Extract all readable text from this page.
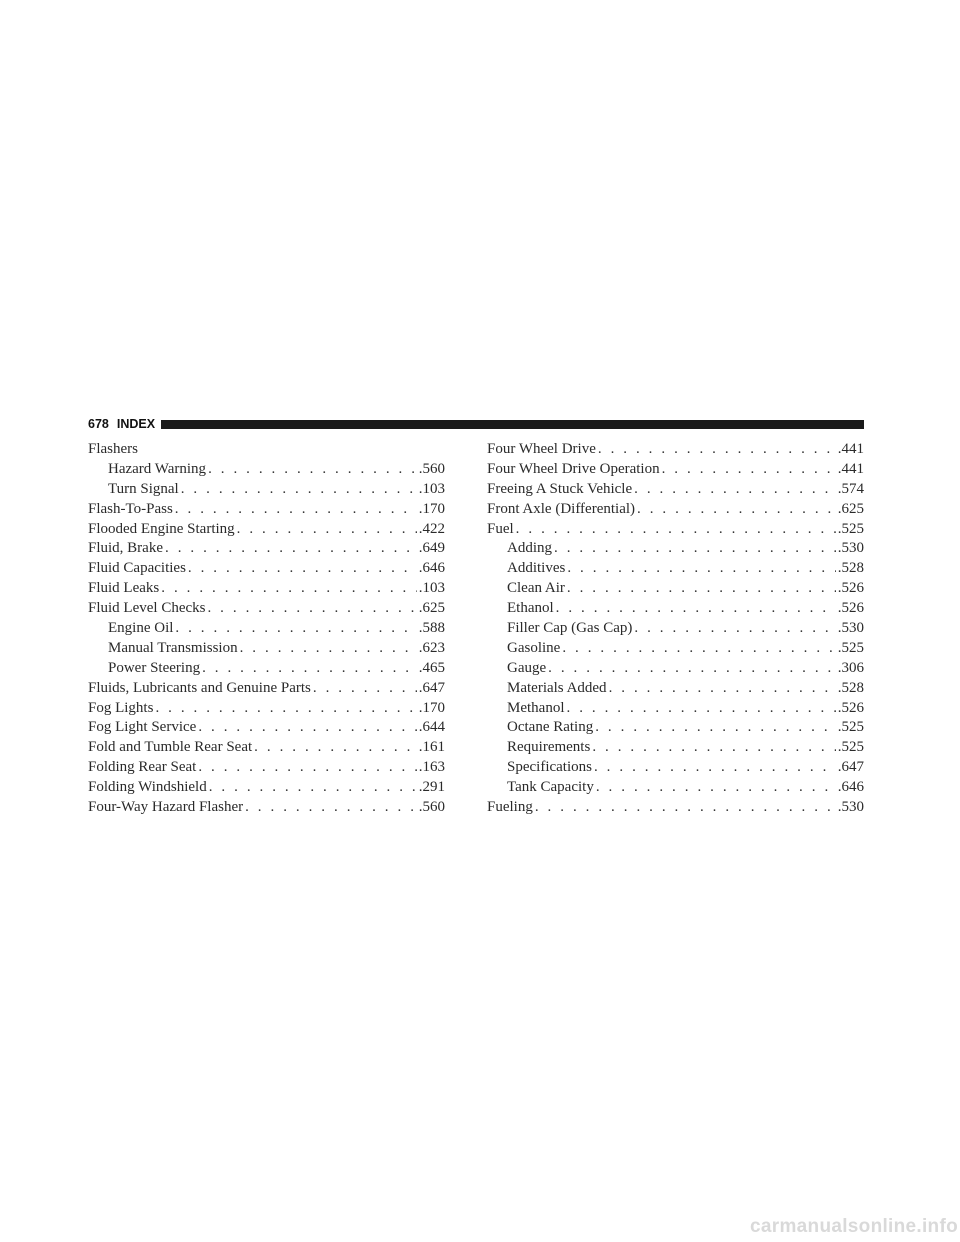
678 INDEX
Flashers
Hazard Warning . . .	.560
Turn Signal . . .	.103
Flash-To-Pass . . .	.170
Flooded Engine Starting . . .	.422
Fluid, Brake . . .	.649
Fluid Capacities . . .	.646
Fluid Leaks . . .	.103
Fluid Level Checks . . .	.625
Engine Oil . . .	.588
Manual Transmission . . .	.623
Power Steering . . .	.465
Fluids, Lubricants and Genuine Parts . . .	.647
Fog Lights . . .	.170
Fog Light Service . . .	.644
Fold and Tumble Rear Seat . . .	.161
Folding Rear Seat . . .	.163
Folding Windshield . . .	.291
Four-Way Hazard Flasher . . .	.560
Four Wheel Drive . . .	.441
Four Wheel Drive Operation . . .	.441
Freeing A Stuck Vehicle . . .	.574
Front Axle (Differential) . . .	.625
Fuel . . .	.525
Adding . . .	.530
Additives . . .	.528
Clean Air . . .	.526
Ethanol . . .	.526
Filler Cap (Gas Cap) . . .	.530
Gasoline . . .	.525
Gauge . . .	.306
Materials Added . . .	.528
Methanol . . .	.526
Octane Rating . . .	.525
Requirements . . .	.525
Specifications . . .	.647
Tank Capacity . . .	.646
Fueling . . .	.530
carmanualsonline.info
